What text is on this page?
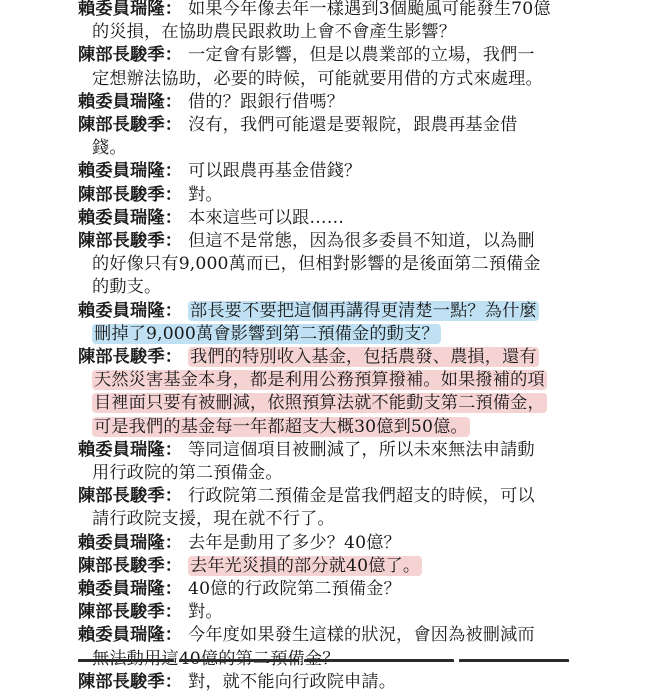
賴委員瑞隆： 如果今年像去年一樣遇到3個颱風可能發生70億
的災損，在協助農民跟救助上會不會產生影響？

陳部長駿季： 一定會有影響，但是以農業部的立場，我們一
定想辦法協助，必要的時候，可能就要用借的方式來處理。

賴委員瑞隆： 借的？跟銀行借嗎？

陳部長駿季： 沒有，我們可能還是要報院，跟農再基金借
錢。

賴委員瑞隆： 可以跟農再基金借錢？

陳部長駿季： 對。

賴委員瑞隆： 本來這些可以跟……

陳部長駿季： 但這不是常態，因為很多委員不知道，以為刪
的好像只有9,000萬而已，但相對影響的是後面第二預備金
的動支。

賴委員瑞隆： 部長要不要把這個再講得更清楚一點？為什麼
刪掉了9,000萬會影響到第二預備金的動支？

陳部長駿季： 我們的特別收入基金，包括農發、農損，還有
天然災害基金本身，都是利用公務預算撥補。如果撥補的項
目裡面只要有被刪減，依照預算法就不能動支第二預備金，
可是我們的基金每一年都超支大概30億到50億。

賴委員瑞隆： 等同這個項目被刪減了，所以未來無法申請動
用行政院的第二預備金。

陳部長駿季： 行政院第二預備金是當我們超支的時候，可以
請行政院支援，現在就不行了。

賴委員瑞隆： 去年是動用了多少？40億？

陳部長駿季： 去年光災損的部分就40億了。

賴委員瑞隆： 40億的行政院第二預備金？

陳部長駿季： 對。

賴委員瑞隆： 今年度如果發生這樣的狀況，會因為被刪減而

陳部長駿季： 對，就不能向行政院申請。
